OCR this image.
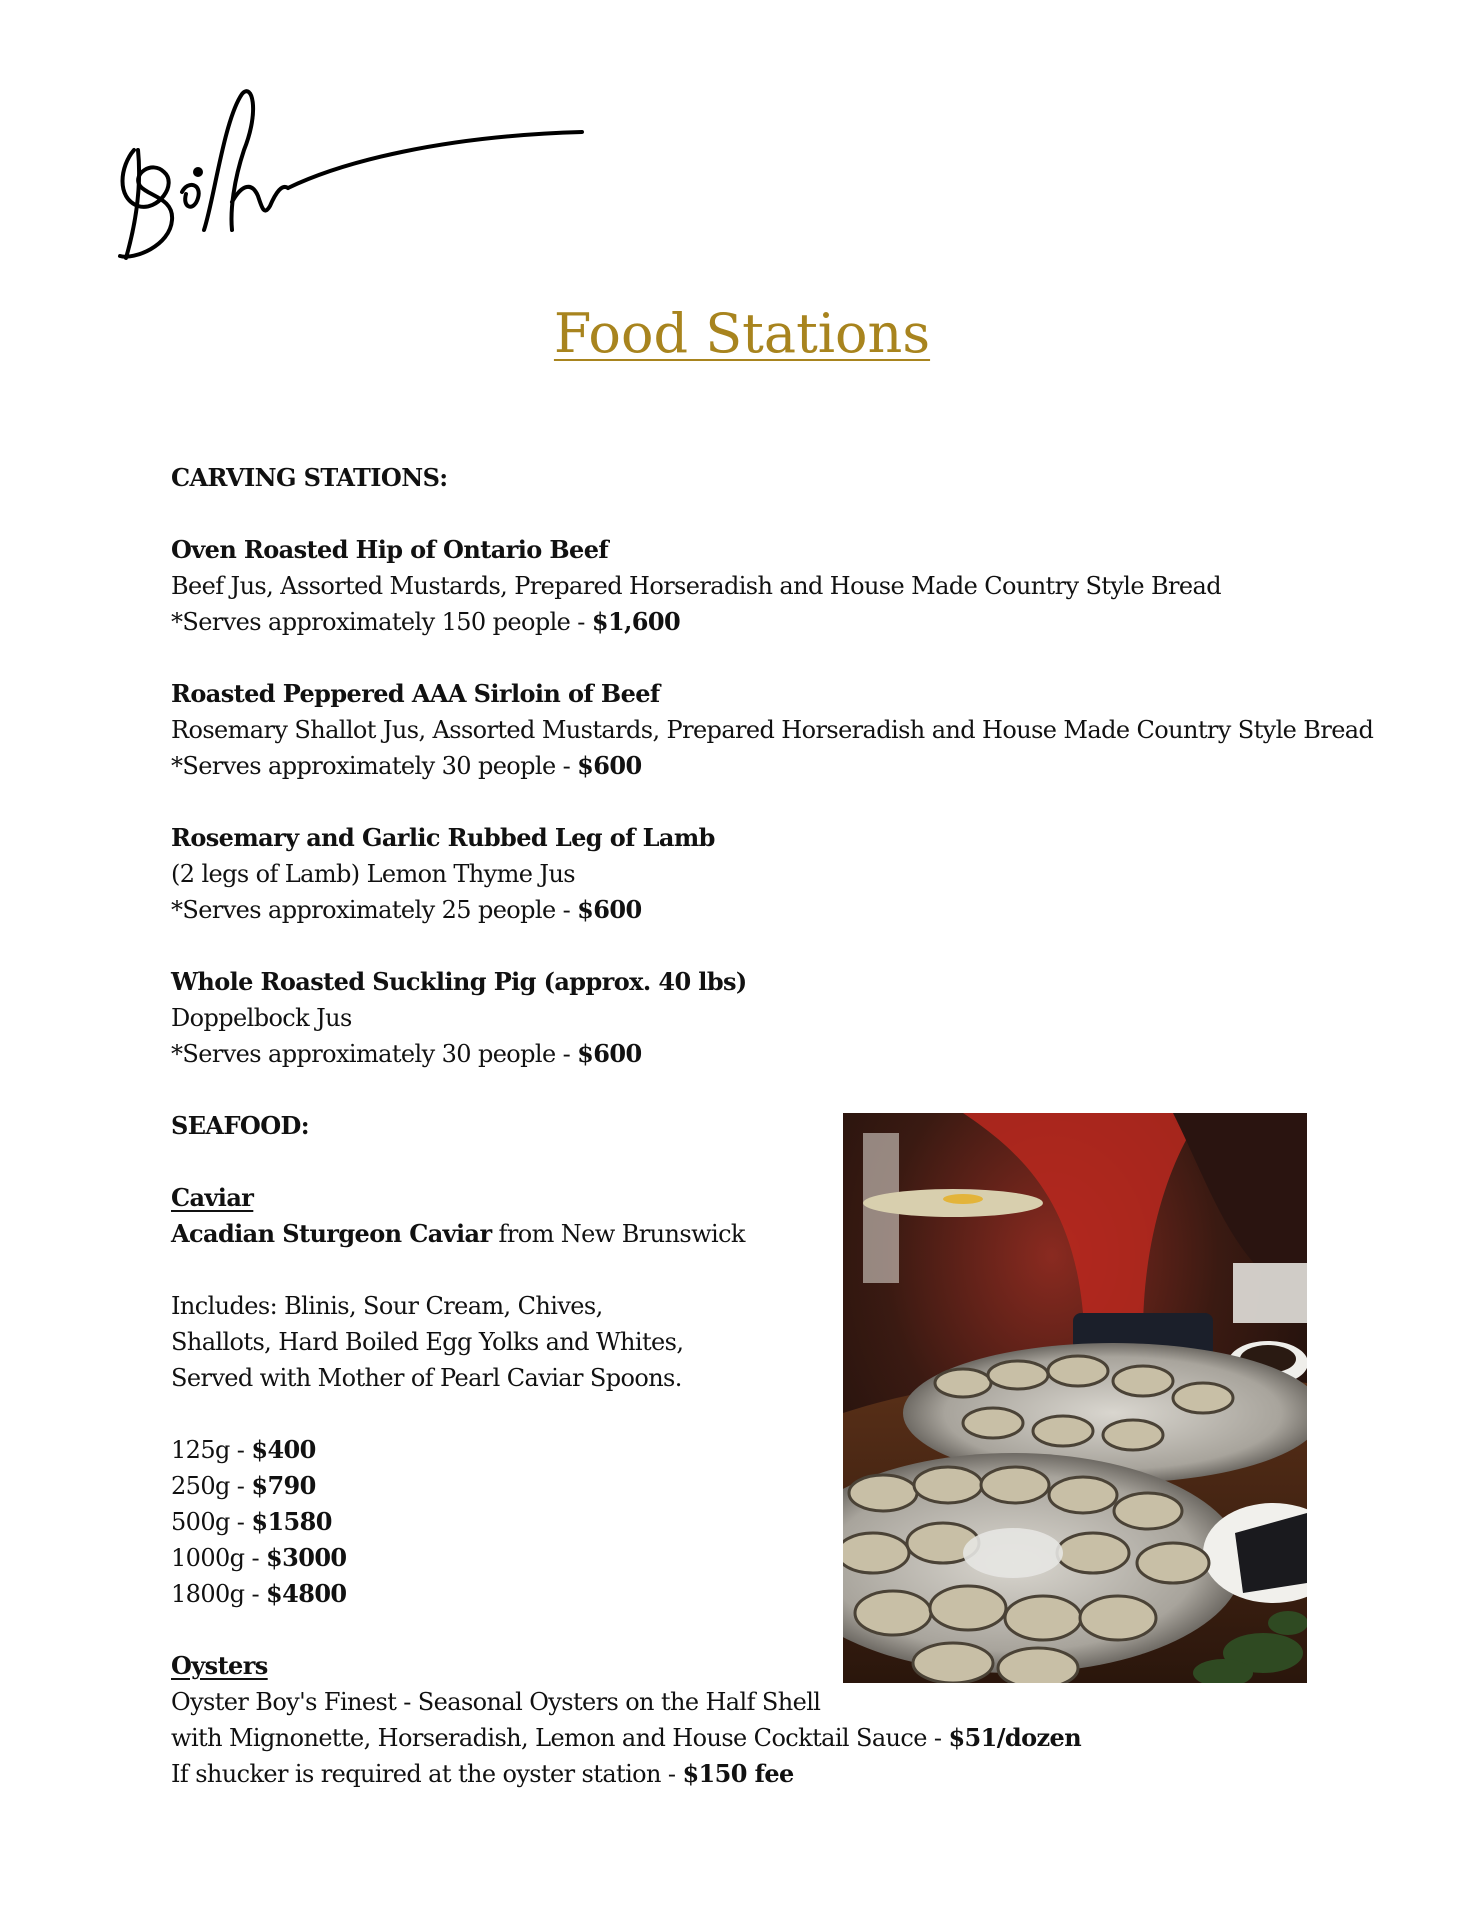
Food Stations

CARVING STATIONS:

Oven Roasted Hip of Ontario Beef

Beef Jus, Assorted Mustards, Prepared Horseradish and House Made Country Style Bread

*Serves approximately 150 people - $1,600

Roasted Peppered AAA Sirloin of Beef

Rosemary Shallot Jus, Assorted Mustards, Prepared Horseradish and House Made Country Style Bread

*Serves approximately 30 people - $600

Rosemary and Garlic Rubbed Leg of Lamb

(2 legs of Lamb) Lemon Thyme Jus

*Serves approximately 25 people - $600

Whole Roasted Suckling Pig (approx. 40 lbs)

Doppelbock Jus

*Serves approximately 30 people - $600

SEAFOOD:

Caviar

Acadian Sturgeon Caviar from New Brunswick

Includes: Blinis, Sour Cream, Chives,

Shallots, Hard Boiled Egg Yolks and Whites,

Served with Mother of Pearl Caviar Spoons.

125g - $400

250g - $790

500g - $1580

1000g - $3000

1800g - $4800

Oysters

Oyster Boy's Finest - Seasonal Oysters on the Half Shell

with Mignonette, Horseradish, Lemon and House Cocktail Sauce - $51/dozen

If shucker is required at the oyster station - $150 fee
